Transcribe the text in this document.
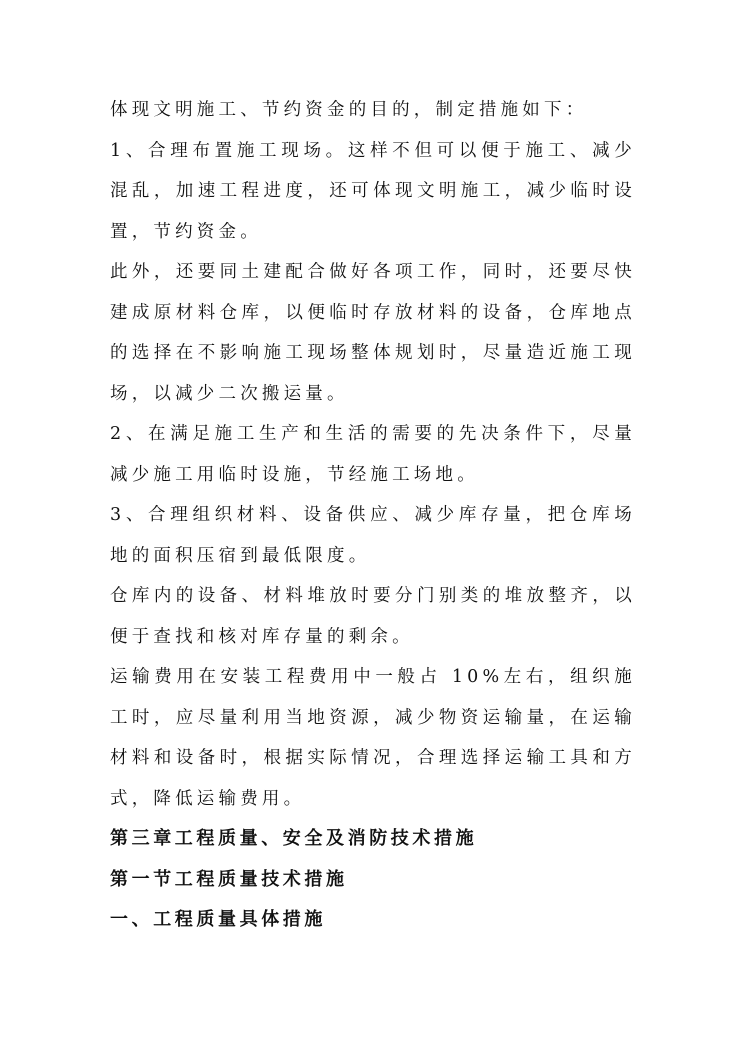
体现文明施工、节约资金的目的，制定措施如下：

1、合理布置施工现场。这样不但可以便于施工、减少混乱，加速工程进度，还可体现文明施工，减少临时设置，节约资金。

此外，还要同土建配合做好各项工作，同时，还要尽快建成原材料仓库，以便临时存放材料的设备，仓库地点的选择在不影响施工现场整体规划时，尽量造近施工现场，以减少二次搬运量。

2、在满足施工生产和生活的需要的先决条件下，尽量减少施工用临时设施，节经施工场地。

3、合理组织材料、设备供应、减少库存量，把仓库场地的面积压宿到最低限度。

仓库内的设备、材料堆放时要分门别类的堆放整齐，以便于查找和核对库存量的剩余。

运输费用在安装工程费用中一般占 10%左右，组织施工时，应尽量利用当地资源，减少物资运输量，在运输材料和设备时，根据实际情况，合理选择运输工具和方式，降低运输费用。

第三章工程质量、安全及消防技术措施
第一节工程质量技术措施
一、工程质量具体措施
